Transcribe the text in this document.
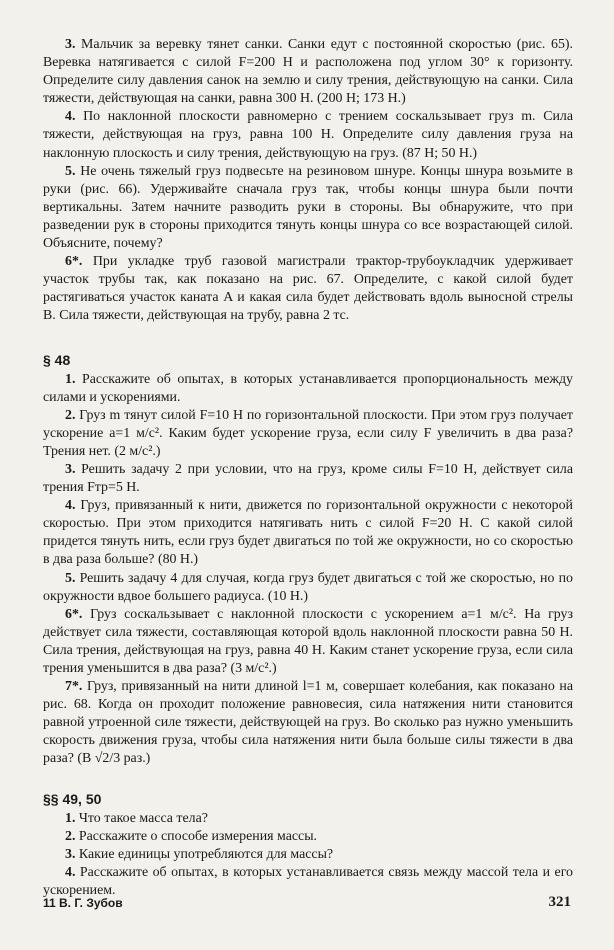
3. Мальчик за веревку тянет санки. Санки едут с постоянной скоростью (рис. 65). Веревка натягивается с силой F=200 Н и расположена под углом 30° к горизонту. Определите силу давления санок на землю и силу трения, действующую на санки. Сила тяжести, действующая на санки, равна 300 Н. (200 Н; 173 Н.)

4. По наклонной плоскости равномерно с трением соскальзывает груз m. Сила тяжести, действующая на груз, равна 100 Н. Определите силу давления груза на наклонную плоскость и силу трения, действующую на груз. (87 Н; 50 Н.)

5. Не очень тяжелый груз подвесьте на резиновом шнуре. Концы шнура возьмите в руки (рис. 66). Удерживайте сначала груз так, чтобы концы шнура были почти вертикальны. Затем начните разводить руки в стороны. Вы обнаружите, что при разведении рук в стороны приходится тянуть концы шнура со все возрастающей силой. Объясните, почему?

6*. При укладке труб газовой магистрали трактор-трубоукладчик удерживает участок трубы так, как показано на рис. 67. Определите, с какой силой будет растягиваться участок каната A и какая сила будет действовать вдоль выносной стрелы B. Сила тяжести, действующая на трубу, равна 2 тс.

§ 48

1. Расскажите об опытах, в которых устанавливается пропорциональность между силами и ускорениями.

2. Груз m тянут силой F=10 Н по горизонтальной плоскости. При этом груз получает ускорение a=1 м/с². Каким будет ускорение груза, если силу F увеличить в два раза? Трения нет. (2 м/с².)

3. Решить задачу 2 при условии, что на груз, кроме силы F=10 Н, действует сила трения Fтр=5 Н.

4. Груз, привязанный к нити, движется по горизонтальной окружности с некоторой скоростью. При этом приходится натягивать нить с силой F=20 Н. С какой силой придется тянуть нить, если груз будет двигаться по той же окружности, но со скоростью в два раза больше? (80 Н.)

5. Решить задачу 4 для случая, когда груз будет двигаться с той же скоростью, но по окружности вдвое большего радиуса. (10 Н.)

6*. Груз соскальзывает с наклонной плоскости с ускорением a=1 м/с². На груз действует сила тяжести, составляющая которой вдоль наклонной плоскости равна 50 Н. Сила трения, действующая на груз, равна 40 Н. Каким станет ускорение груза, если сила трения уменьшится в два раза? (3 м/с².)

7*. Груз, привязанный на нити длиной l=1 м, совершает колебания, как показано на рис. 68. Когда он проходит положение равновесия, сила натяжения нити становится равной утроенной силе тяжести, действующей на груз. Во сколько раз нужно уменьшить скорость движения груза, чтобы сила натяжения нити была больше силы тяжести в два раза? (В √2/3 раз.)

§§ 49, 50

1. Что такое масса тела?

2. Расскажите о способе измерения массы.

3. Какие единицы употребляются для массы?

4. Расскажите об опытах, в которых устанавливается связь между массой тела и его ускорением.

11 В. Г. Зубов	321
